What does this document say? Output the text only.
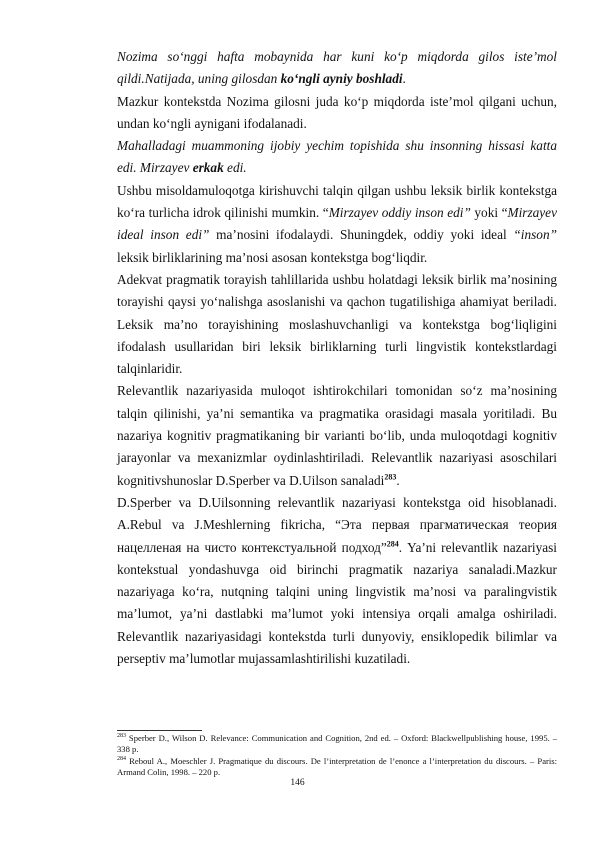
Nozima so‘nggi hafta mobaynida har kuni ko‘p miqdorda gilos iste’mol qildi.Natijada, uning gilosdan ko‘ngli ayniy boshladi.

Mazkur kontekstda Nozima gilosni juda ko‘p miqdorda iste’mol qilgani uchun, undan ko‘ngli aynigani ifodalanadi.

Mahalladagi muammoning ijobiy yechim topishida shu insonning hissasi katta edi. Mirzayev erkak edi.

Ushbu misoldamuloqotga kirishuvchi talqin qilgan ushbu leksik birlik kontekstga ko‘ra turlicha idrok qilinishi mumkin. “Mirzayev oddiy inson edi” yoki “Mirzayev ideal inson edi” ma’nosini ifodalaydi. Shuningdek, oddiy yoki ideal “inson” leksik birliklarining ma’nosi asosan kontekstga bog‘liqdir.

Adekvat pragmatik torayish tahlillarida ushbu holatdagi leksik birlik ma’nosining torayishi qaysi yo‘nalishga asoslanishi va qachon tugatilishiga ahamiyat beriladi. Leksik ma’no torayishining moslashuvchanligi va kontekstga bog‘liqligini ifodalash usullaridan biri leksik birliklarning turli lingvistik kontekstlardagi talqinlaridir.

Relevantlik nazariyasida muloqot ishtirokchilari tomonidan so‘z ma’nosining talqin qilinishi, ya’ni semantika va pragmatika orasidagi masala yoritiladi. Bu nazariya kognitiv pragmatikaning bir varianti bo‘lib, unda muloqotdagi kognitiv jarayonlar va mexanizmlar oydinlashtiriladi. Relevantlik nazariyasi asoschilari kognitivshunoslar D.Sperber va D.Uilson sanaladi$^{283}$.

D.Sperber va D.Uilsonning relevantlik nazariyasi kontekstga oid hisoblanadi. A.Rebul va J.Meshlerning fikricha, “Эта первая прагматическая теория нацелленая на чисто контекстуальной подход”$^{284}$. Ya’ni relevantlik nazariyasi kontekstual yondashuvga oid birinchi pragmatik nazariya sanaladi.Mazkur nazariyaga ko‘ra, nutqning talqini uning lingvistik ma’nosi va paralingvistik ma’lumot, ya’ni dastlabki ma’lumot yoki intensiya orqali amalga oshiriladi. Relevantlik nazariyasidagi kontekstda turli dunyoviy, ensiklopedik bilimlar va perseptiv ma’lumotlar mujassamlashtirilishi kuzatiladi.

$^{283}$ Sperber D., Wilson D. Relevance: Communication and Cognition, 2nd ed. – Oxford: Blackwellpublishing house, 1995. – 338 p.

$^{284}$ Reboul A., Moeschler J. Pragmatique du discours. De l’interpretation de l’enonce a l’interpretation du discours. – Paris: Armand Colin, 1998. – 220 p.

146
